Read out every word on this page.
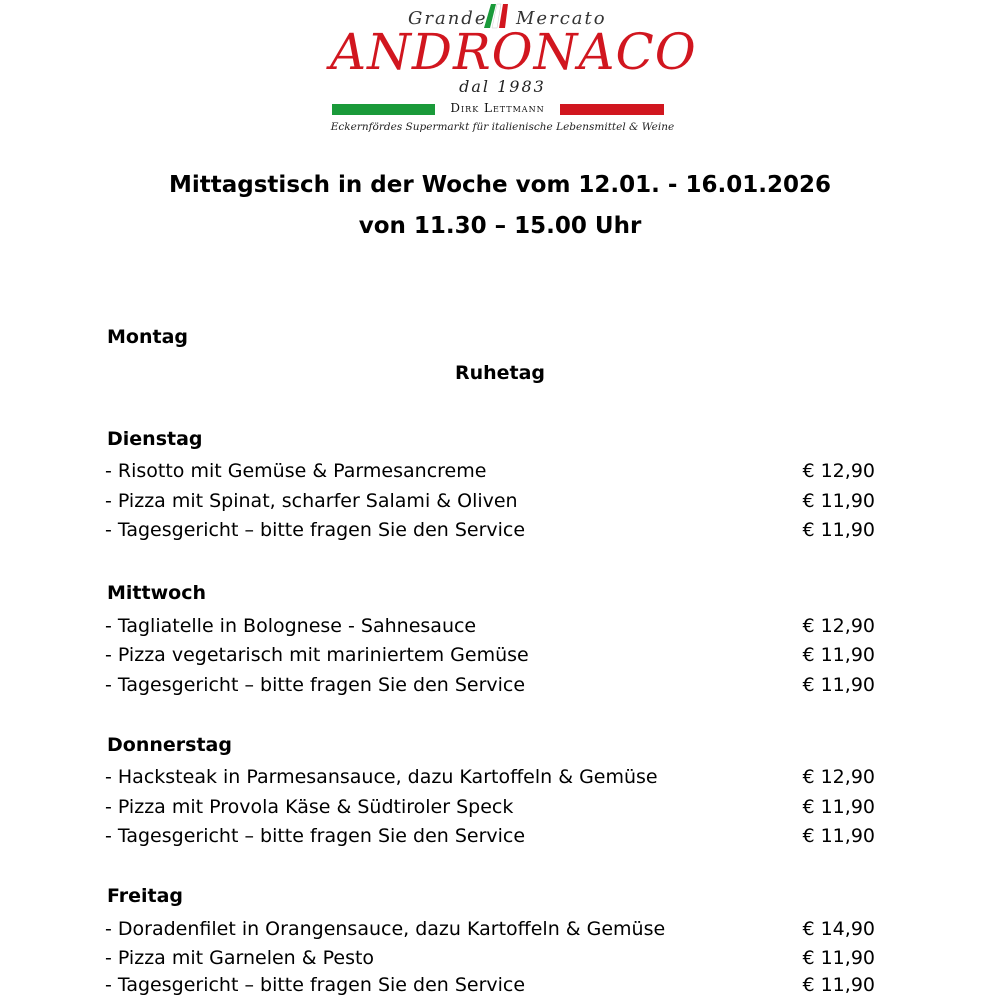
Grande Mercato
ANDRONACO
dal 1983
Dirk Lettmann
Eckernfördes Supermarkt für italienische Lebensmittel & Weine
Mittagstisch in der Woche vom 12.01. - 16.01.2026
von 11.30 – 15.00 Uhr
Montag
Ruhetag
Dienstag
- Risotto mit Gemüse & Parmesancreme	€ 12,90
- Pizza mit Spinat, scharfer Salami & Oliven	€ 11,90
- Tagesgericht – bitte fragen Sie den Service	€ 11,90
Mittwoch
- Tagliatelle in Bolognese - Sahnesauce	€ 12,90
- Pizza vegetarisch mit mariniertem Gemüse	€ 11,90
- Tagesgericht – bitte fragen Sie den Service	€ 11,90
Donnerstag
- Hacksteak in Parmesansauce, dazu Kartoffeln & Gemüse	€ 12,90
- Pizza mit Provola Käse & Südtiroler Speck	€ 11,90
- Tagesgericht – bitte fragen Sie den Service	€ 11,90
Freitag
- Doradenfilet in Orangensauce, dazu Kartoffeln & Gemüse	€ 14,90
- Pizza mit Garnelen & Pesto	€ 11,90
- Tagesgericht – bitte fragen Sie den Service	€ 11,90
